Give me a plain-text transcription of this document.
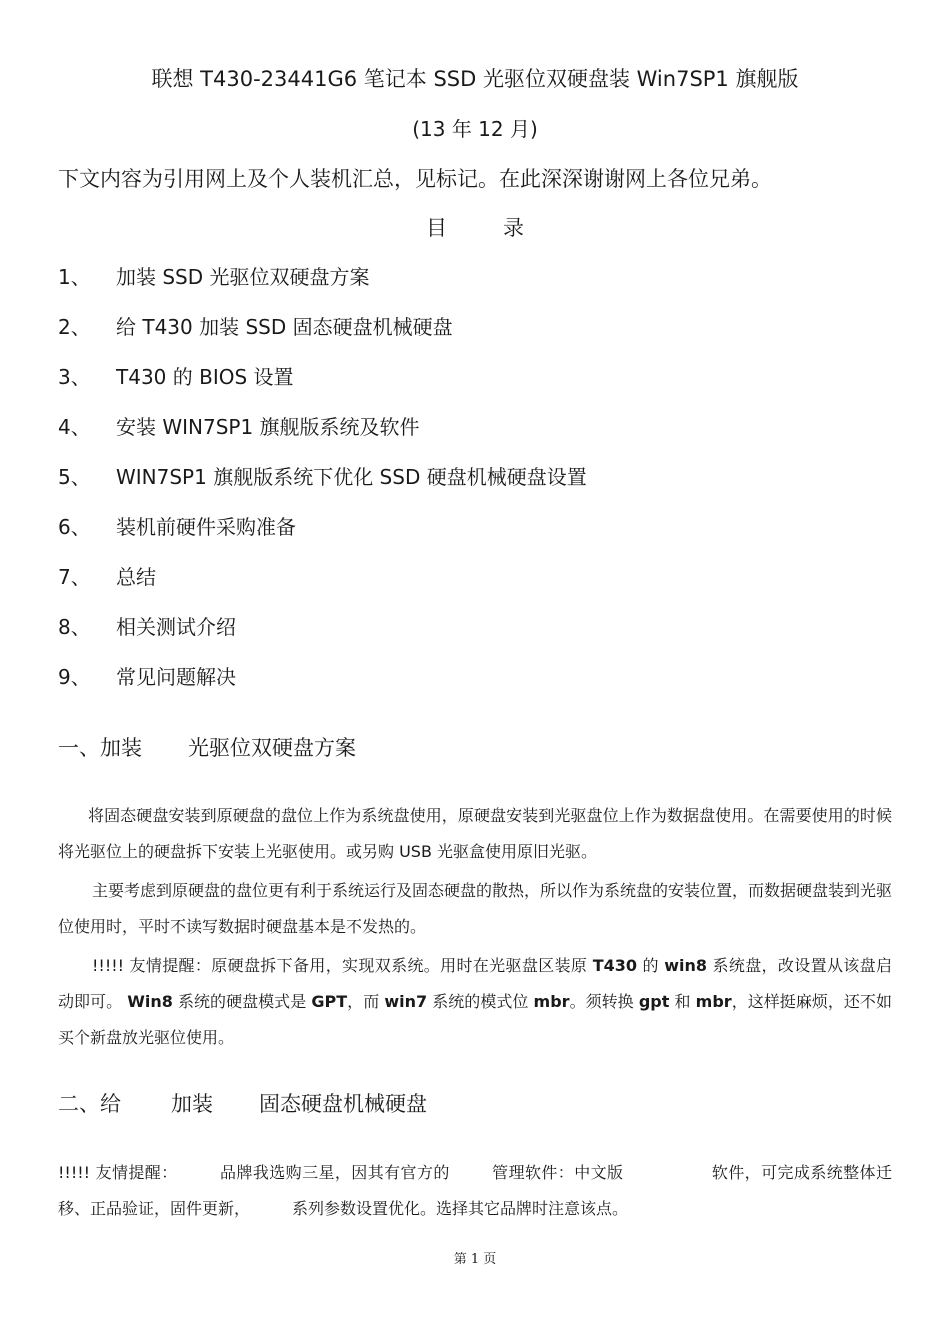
联想 T430-23441G6 笔记本 SSD 光驱位双硬盘装 Win7SP1 旗舰版
(13 年 12 月)
下文内容为引用网上及个人装机汇总，见标记。在此深深谢谢网上各位兄弟。
目	录
1、	加装 SSD 光驱位双硬盘方案
2、	给 T430 加装 SSD 固态硬盘机械硬盘
3、	T430 的 BIOS 设置
4、	安装 WIN7SP1 旗舰版系统及软件
5、	WIN7SP1 旗舰版系统下优化 SSD 硬盘机械硬盘设置
6、	装机前硬件采购准备
7、	总结
8、	相关测试介绍
9、	常见问题解决
一、加装 光驱位双硬盘方案
将固态硬盘安装到原硬盘的盘位上作为系统盘使用，原硬盘安装到光驱盘位上作为数据盘使用。在需要使用的时候将光驱位上的硬盘拆下安装上光驱使用。或另购 USB 光驱盒使用原旧光驱。
主要考虑到原硬盘的盘位更有利于系统运行及固态硬盘的散热，所以作为系统盘的安装位置，而数据硬盘装到光驱位使用时，平时不读写数据时硬盘基本是不发热的。
!!!!! 友情提醒：原硬盘拆下备用，实现双系统。用时在光驱盘区装原 T430 的 win8 系统盘，改设置从该盘启动即可。 Win8 系统的硬盘模式是 GPT，而 win7 系统的模式位 mbr。须转换 gpt 和 mbr，这样挺麻烦，还不如买个新盘放光驱位使用。
二、给 加装 固态硬盘机械硬盘
!!!!! 友情提醒：	品牌我选购三星，因其有官方的	管理软件：中文版	软件，可完成系统整体迁移、正品验证，固件更新，	系列参数设置优化。选择其它品牌时注意该点。
第 1 页
